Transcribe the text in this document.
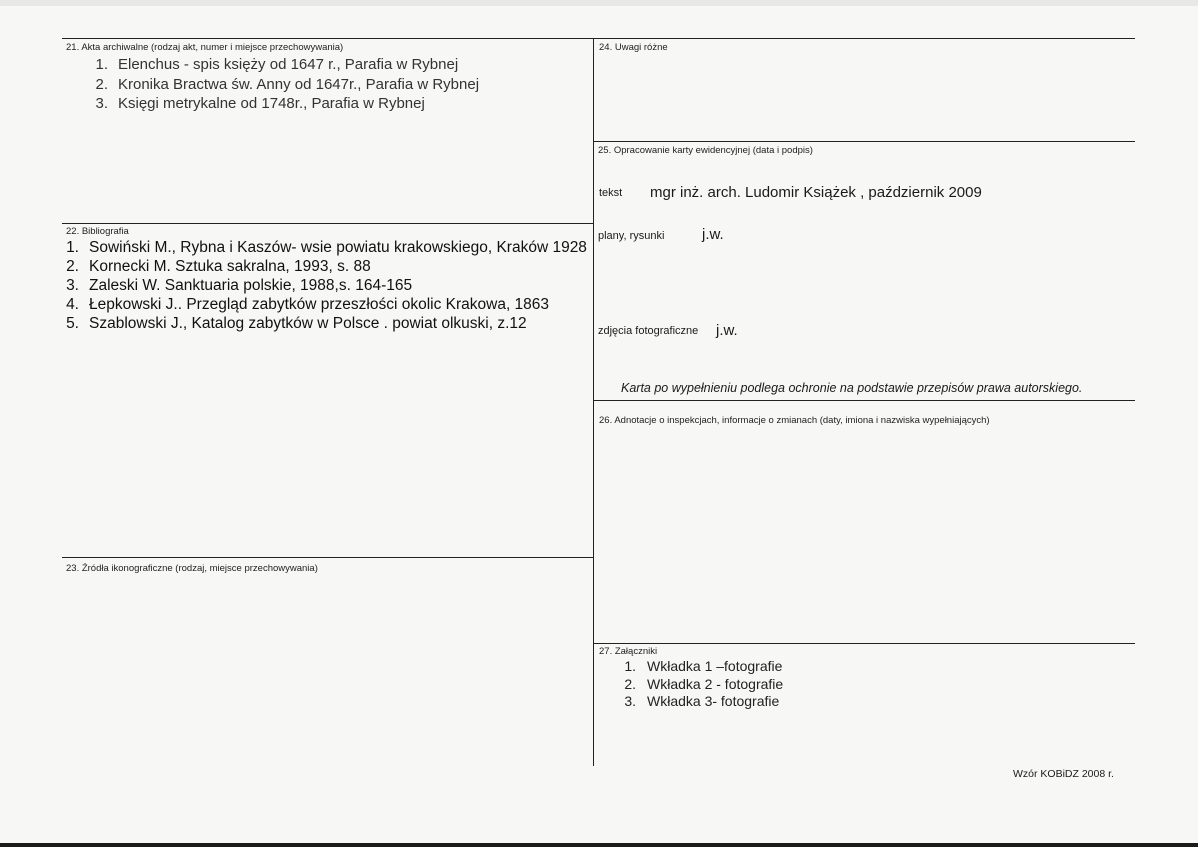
21. Akta archiwalne (rodzaj akt, numer i miejsce przechowywania)
1. Elenchus - spis księży od 1647 r., Parafia w Rybnej
2. Kronika Bractwa św. Anny od 1647r., Parafia w Rybnej
3. Księgi metrykalne od 1748r., Parafia w Rybnej
22. Bibliografia
1. Sowiński M., Rybna i Kaszów- wsie powiatu krakowskiego, Kraków 1928
2. Kornecki M. Sztuka sakralna, 1993, s. 88
3. Zaleski W. Sanktuaria polskie, 1988,s. 164-165
4. Łepkowski J.. Przegląd zabytków przeszłości okolic Krakowa, 1863
5. Szablowski J., Katalog zabytków w Polsce . powiat olkuski, z.12
23. Źródła ikonograficzne (rodzaj, miejsce przechowywania)
24. Uwagi różne
25. Opracowanie karty ewidencyjnej (data i podpis)
tekst mgr inż. arch. Ludomir Książek , październik 2009
plany, rysunki	j.w.
zdjęcia fotograficzne j.w.
Karta po wypełnieniu podlega ochronie na podstawie przepisów prawa autorskiego.
26. Adnotacje o inspekcjach, informacje o zmianach (daty, imiona i nazwiska wypełniających)
27. Załączniki
1. Wkładka 1 –fotografie
2. Wkładka 2 - fotografie
3. Wkładka 3- fotografie
Wzór KOBiDZ 2008 r.
